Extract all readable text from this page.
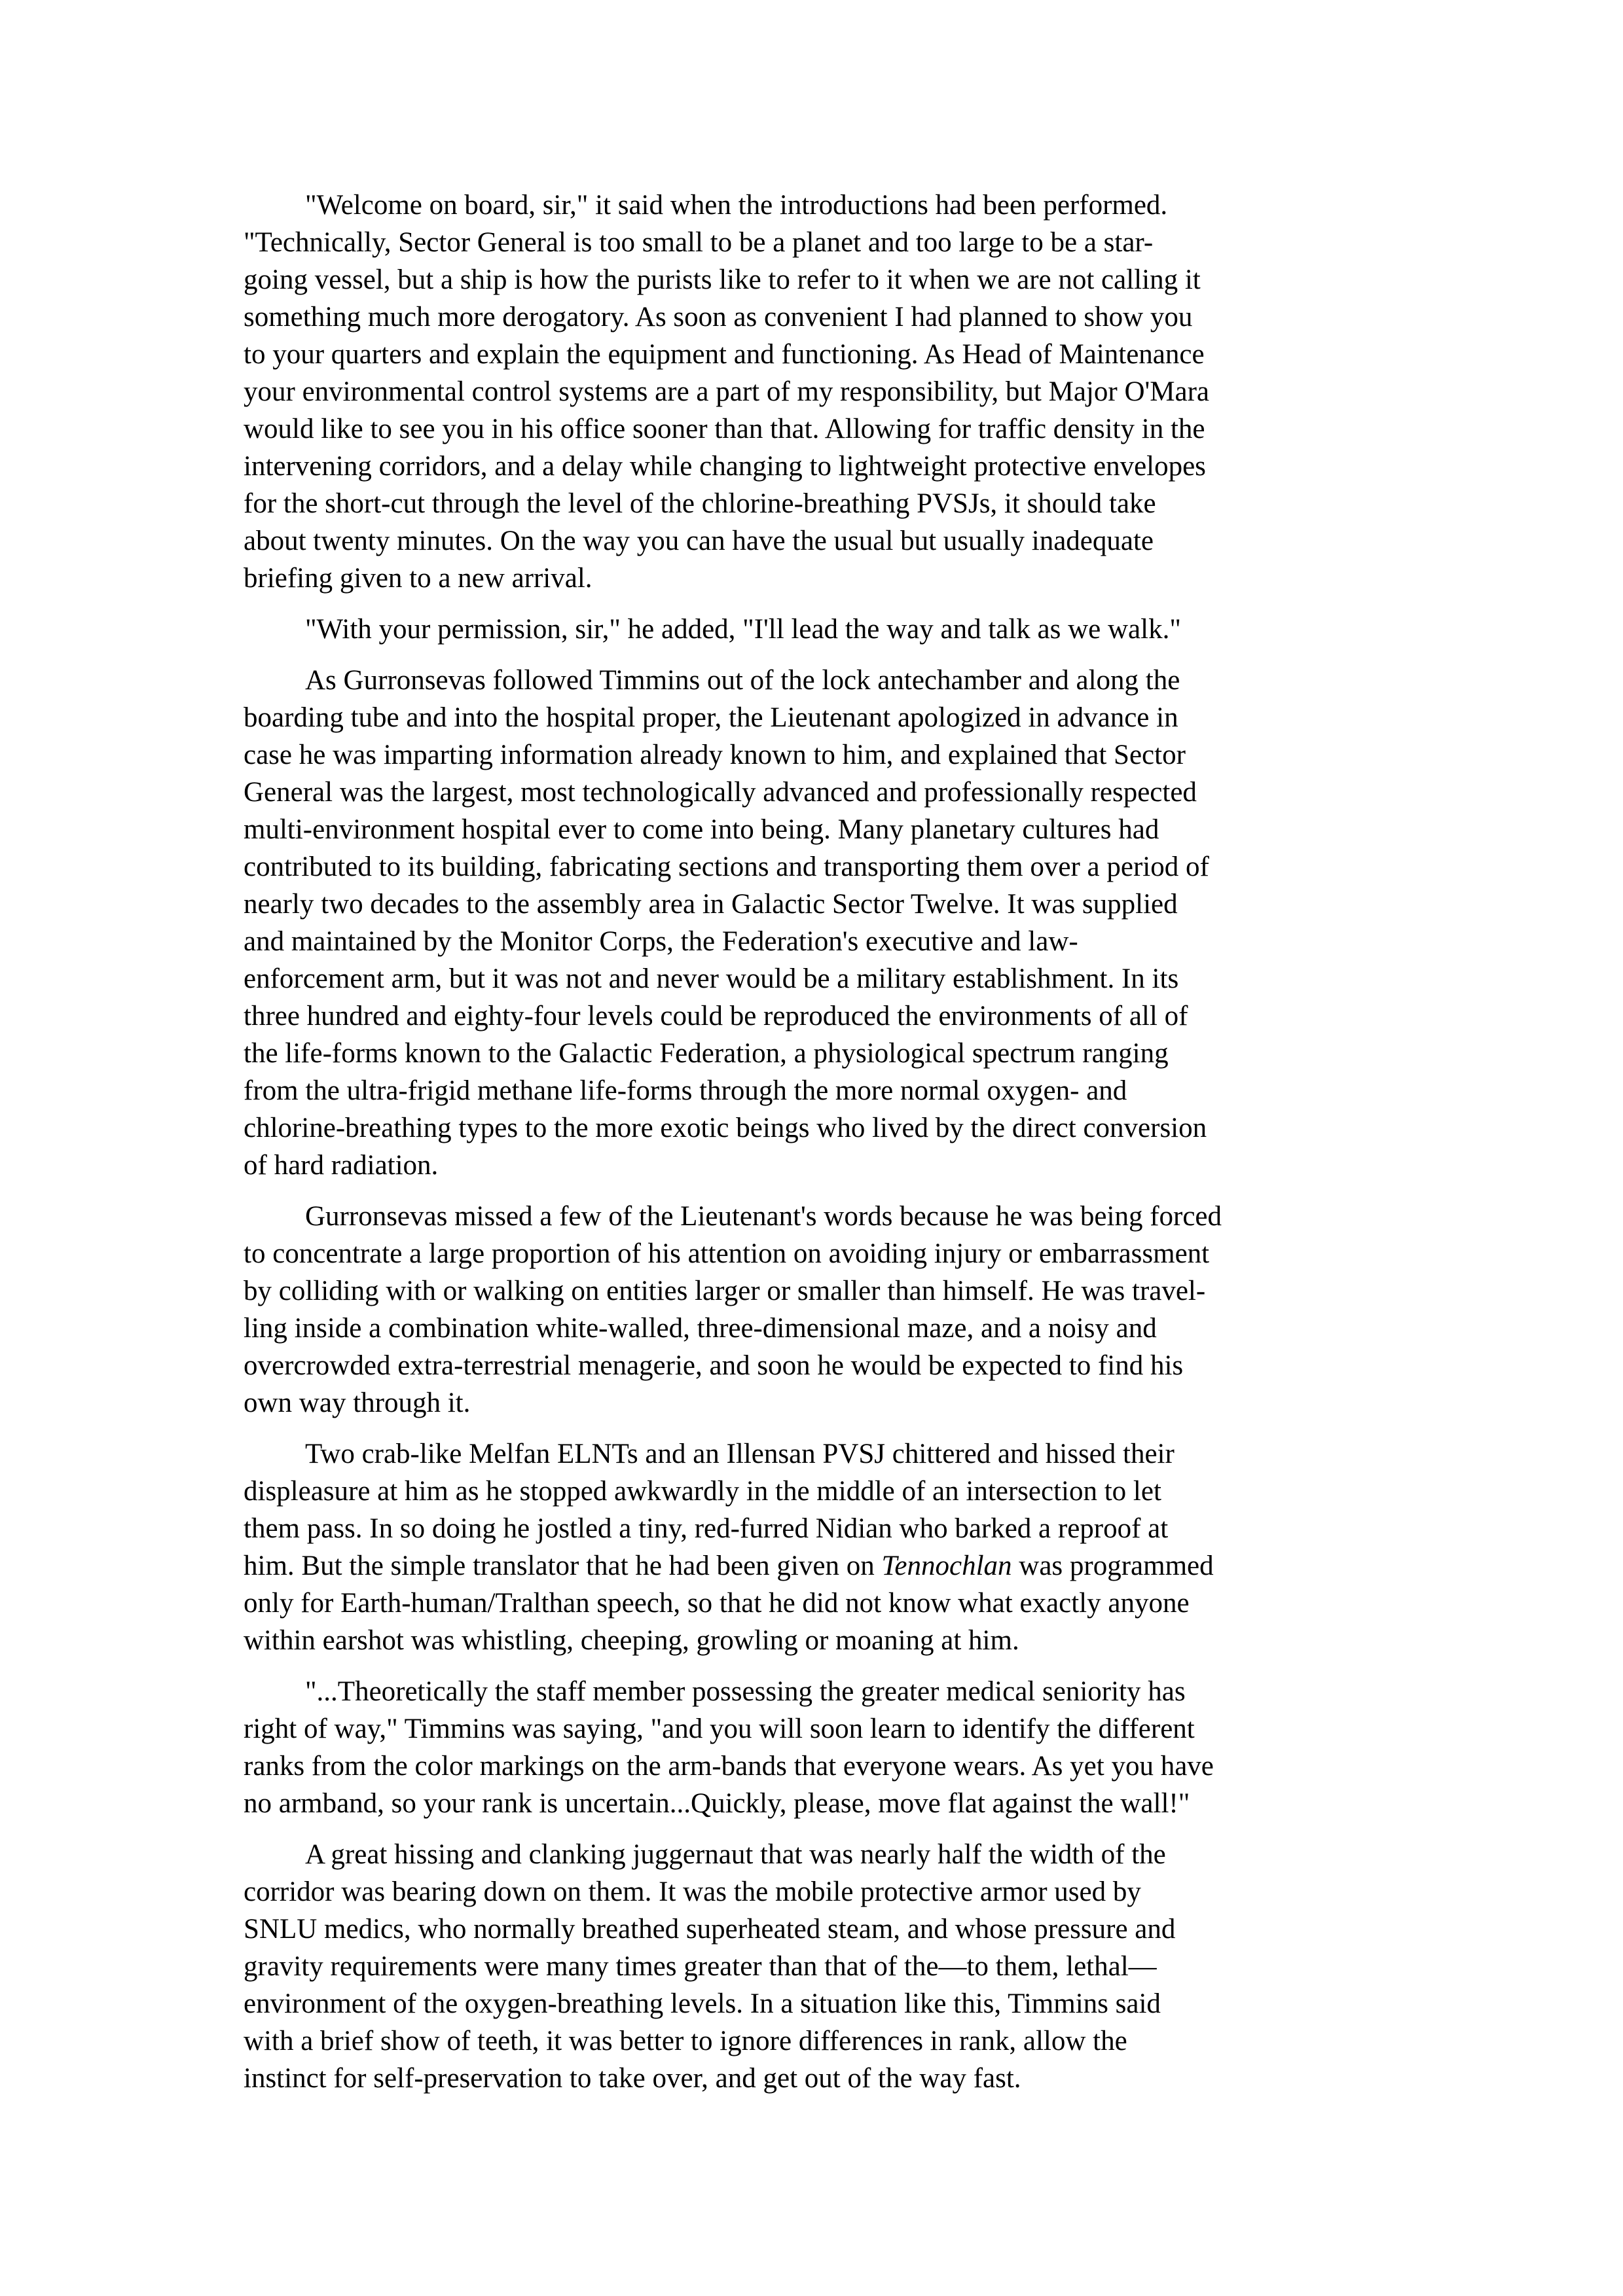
"Welcome on board, sir," it said when the introductions had been performed.
"Technically, Sector General is too small to be a planet and too large to be a star-
going vessel, but a ship is how the purists like to refer to it when we are not calling it
something much more derogatory. As soon as convenient I had planned to show you
to your quarters and explain the equipment and functioning. As Head of Maintenance
your environmental control systems are a part of my responsibility, but Major O'Mara
would like to see you in his office sooner than that. Allowing for traffic density in the
intervening corridors, and a delay while changing to lightweight protective envelopes
for the short-cut through the level of the chlorine-breathing PVSJs, it should take
about twenty minutes. On the way you can have the usual but usually inadequate
briefing given to a new arrival.
"With your permission, sir," he added, "I'll lead the way and talk as we walk."
As Gurronsevas followed Timmins out of the lock antechamber and along the
boarding tube and into the hospital proper, the Lieutenant apologized in advance in
case he was imparting information already known to him, and explained that Sector
General was the largest, most technologically advanced and professionally respected
multi-environment hospital ever to come into being. Many planetary cultures had
contributed to its building, fabricating sections and transporting them over a period of
nearly two decades to the assembly area in Galactic Sector Twelve. It was supplied
and maintained by the Monitor Corps, the Federation's executive and law-
enforcement arm, but it was not and never would be a military establishment. In its
three hundred and eighty-four levels could be reproduced the environments of all of
the life-forms known to the Galactic Federation, a physiological spectrum ranging
from the ultra-frigid methane life-forms through the more normal oxygen- and
chlorine-breathing types to the more exotic beings who lived by the direct conversion
of hard radiation.
Gurronsevas missed a few of the Lieutenant's words because he was being forced
to concentrate a large proportion of his attention on avoiding injury or embarrassment
by colliding with or walking on entities larger or smaller than himself. He was travel-
ling inside a combination white-walled, three-dimensional maze, and a noisy and
overcrowded extra-terrestrial menagerie, and soon he would be expected to find his
own way through it.
Two crab-like Melfan ELNTs and an Illensan PVSJ chittered and hissed their
displeasure at him as he stopped awkwardly in the middle of an intersection to let
them pass. In so doing he jostled a tiny, red-furred Nidian who barked a reproof at
him. But the simple translator that he had been given on Tennochlan was programmed
only for Earth-human/Tralthan speech, so that he did not know what exactly anyone
within earshot was whistling, cheeping, growling or moaning at him.
"...Theoretically the staff member possessing the greater medical seniority has
right of way," Timmins was saying, "and you will soon learn to identify the different
ranks from the color markings on the arm-bands that everyone wears. As yet you have
no armband, so your rank is uncertain...Quickly, please, move flat against the wall!"
A great hissing and clanking juggernaut that was nearly half the width of the
corridor was bearing down on them. It was the mobile protective armor used by
SNLU medics, who normally breathed superheated steam, and whose pressure and
gravity requirements were many times greater than that of the—to them, lethal—
environment of the oxygen-breathing levels. In a situation like this, Timmins said
with a brief show of teeth, it was better to ignore differences in rank, allow the
instinct for self-preservation to take over, and get out of the way fast.
